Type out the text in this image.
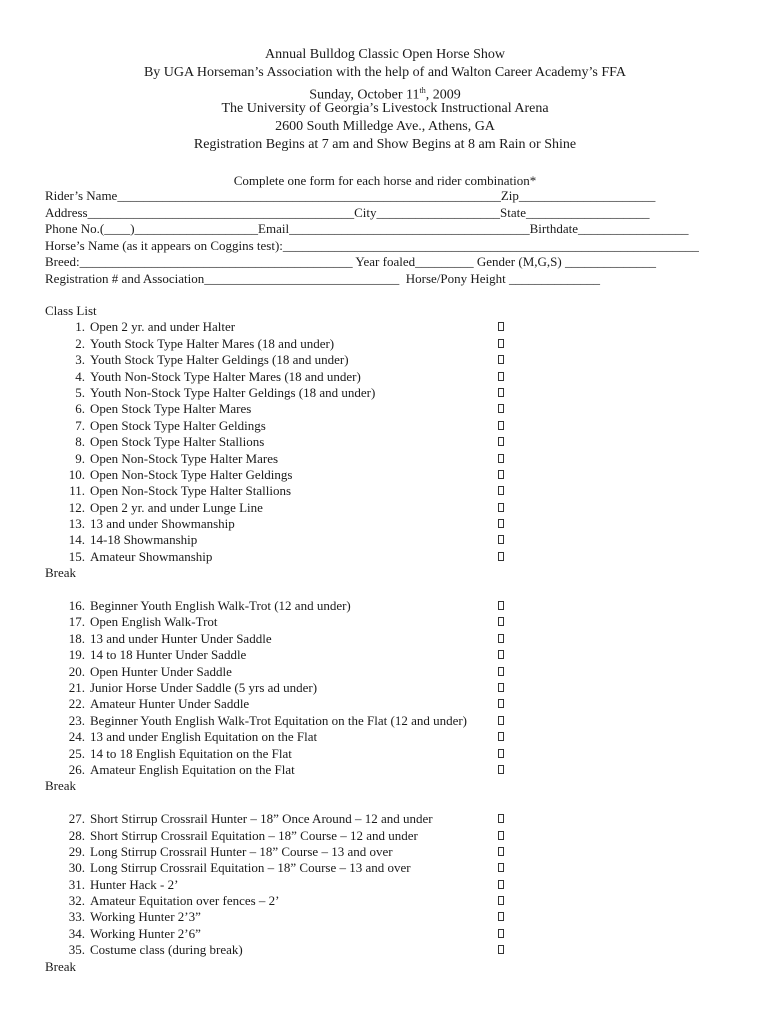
Annual Bulldog Classic Open Horse Show
By UGA Horseman’s Association with the help of and Walton Career Academy’s FFA
Sunday, October 11th, 2009
The University of Georgia’s Livestock Instructional Arena
2600 South Milledge Ave., Athens, GA
Registration Begins at 7 am and Show Begins at 8 am Rain or Shine
Complete one form for each horse and rider combination*
Rider’s Name___________________________________________________________Zip_____________________
Address_________________________________________City___________________State___________________
Phone No.(____)___________________Email_____________________________________Birthdate_________________
Horse’s Name (as it appears on Coggins test):________________________________________________________________
Breed:__________________________________________ Year foaled_________ Gender (M,G,S) ______________
Registration # and Association______________________________  Horse/Pony Height ______________
Class List
1. Open 2 yr. and under Halter
2. Youth Stock Type Halter Mares (18 and under)
3. Youth Stock Type Halter Geldings (18 and under)
4. Youth Non-Stock Type Halter Mares (18 and under)
5. Youth Non-Stock Type Halter Geldings (18 and under)
6. Open Stock Type Halter Mares
7. Open Stock Type Halter Geldings
8. Open Stock Type Halter Stallions
9. Open Non-Stock Type Halter Mares
10. Open Non-Stock Type Halter Geldings
11. Open Non-Stock Type Halter Stallions
12. Open 2 yr. and under Lunge Line
13. 13 and under Showmanship
14. 14-18 Showmanship
15. Amateur Showmanship
Break
16. Beginner Youth English Walk-Trot (12 and under)
17. Open English Walk-Trot
18. 13 and under Hunter Under Saddle
19. 14 to 18 Hunter Under Saddle
20. Open Hunter Under Saddle
21. Junior Horse Under Saddle (5 yrs ad under)
22. Amateur Hunter Under Saddle
23. Beginner Youth English Walk-Trot Equitation on the Flat (12 and under)
24. 13 and under English Equitation on the Flat
25. 14 to 18 English Equitation on the Flat
26. Amateur English Equitation on the Flat
Break
27. Short Stirrup Crossrail Hunter – 18” Once Around – 12 and under
28. Short Stirrup Crossrail Equitation – 18” Course – 12 and under
29. Long Stirrup Crossrail Hunter – 18” Course – 13 and over
30. Long Stirrup Crossrail Equitation – 18” Course – 13 and over
31. Hunter Hack - 2’
32. Amateur Equitation over fences – 2’
33. Working Hunter 2’3”
34. Working Hunter 2’6”
35. Costume class (during break)
Break
